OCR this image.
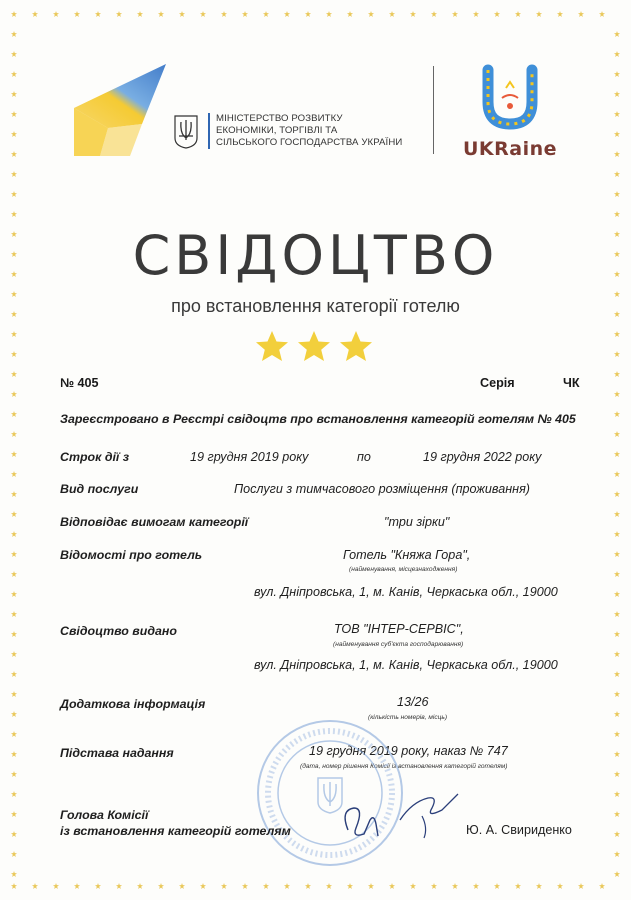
МІНІСТЕРСТВО РОЗВИТКУ
ЕКОНОМІКИ, ТОРГІВЛІ ТА
СІЛЬСЬКОГО ГОСПОДАРСТВА УКРАЇНИ	UKRaine
СВІДОЦТВО
про встановлення категорії готелю
№ 405	Серія	ЧК
Зареєстровано в Реєстрі свідоцтв про встановлення категорій готелям № 405
Строк дії з	19 грудня 2019 року	по	19 грудня 2022 року
Вид послуги	Послуги з тимчасового розміщення (проживання)
Відповідає вимогам категорії	"три зірки"
Відомості про готель	Готель "Княжа Гора",
(найменування, місцезнаходження)
вул. Дніпровська, 1, м. Канів, Черкаська обл., 19000
Свідоцтво видано	ТОВ "ІНТЕР-СЕРВІС",
(найменування суб'єкта господарювання)
вул. Дніпровська, 1, м. Канів, Черкаська обл., 19000
Додаткова інформація	13/26
(кількість номерів, місць)
Підстава надання	19 грудня 2019 року, наказ № 747
(дата, номер рішення Комісії із встановлення категорій готелям)
Голова Комісії
із встановлення категорій готелям	Ю. А. Свириденко
